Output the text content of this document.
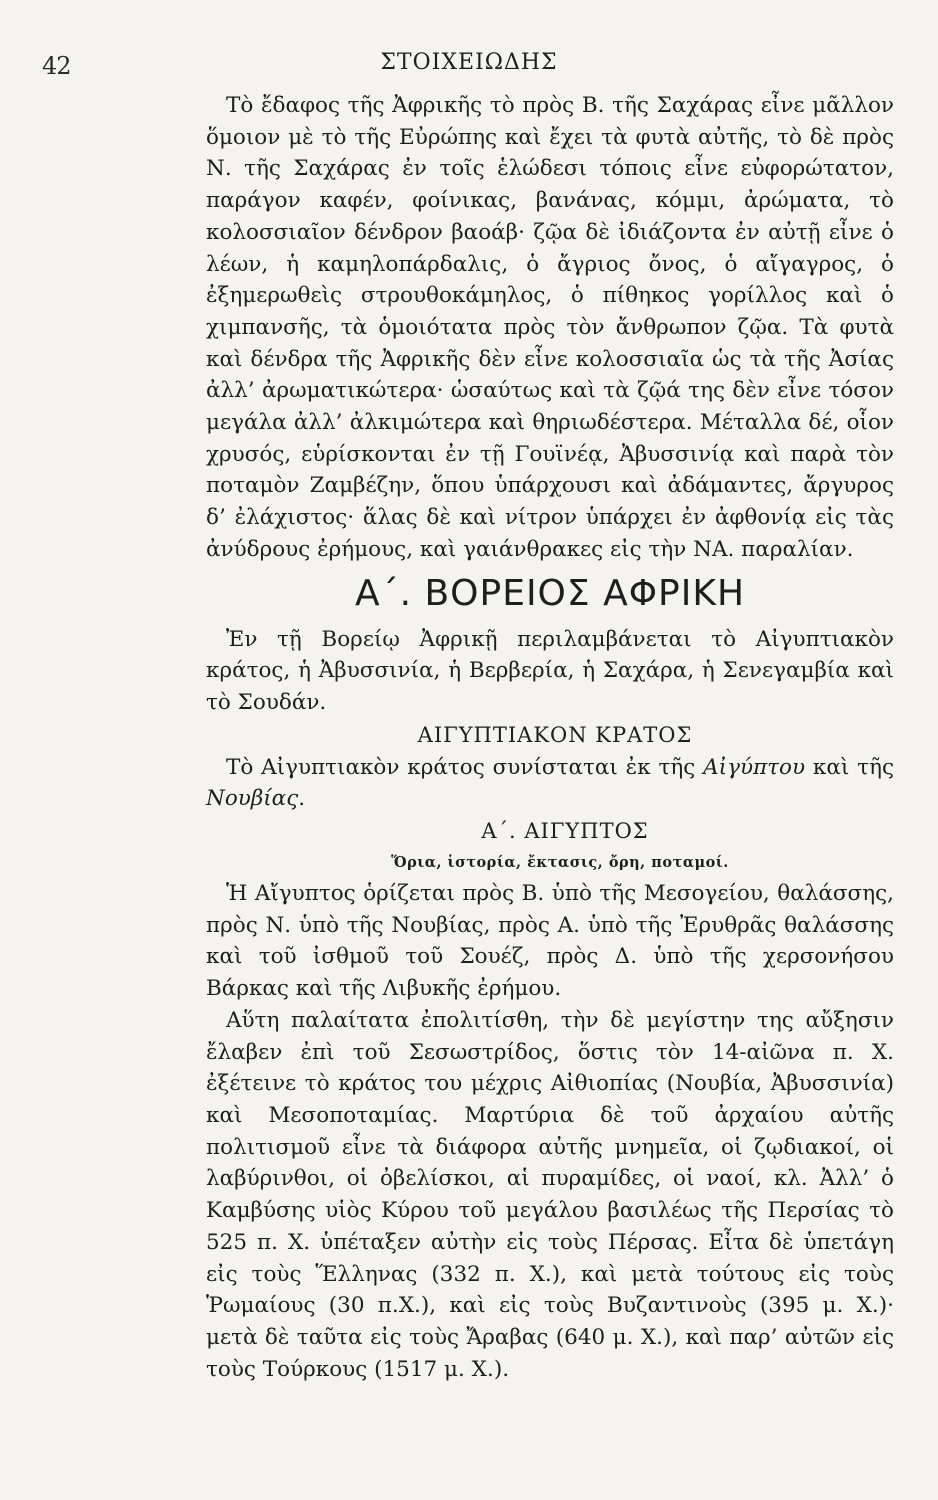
42	ΣΤΟΙΧΕΙΩΔΗΣ

Τὸ ἔδαφος τῆς Ἀφρικῆς τὸ πρὸς Β. τῆς Σαχάρας εἶνε μᾶλλον ὅμοιον μὲ τὸ τῆς Εὐρώπης καὶ ἔχει τὰ φυτὰ αὐτῆς, τὸ δὲ πρὸς Ν. τῆς Σαχάρας ἐν τοῖς ἑλώδεσι τόποις εἶνε εὐφορώτατον, παράγον καφέν, φοίνικας, βανάνας, κόμμι, ἀρώματα, τὸ κολοσσιαῖον δένδρον βαοάβ· ζῷα δὲ ἰδιάζοντα ἐν αὐτῇ εἶνε ὁ λέων, ἡ καμηλοπάρδαλις, ὁ ἄγριος ὄνος, ὁ αἴγαγρος, ὁ ἐξημερωθεὶς στρουθοκάμηλος, ὁ πίθηκος γορίλλος καὶ ὁ χιμπανσῆς, τὰ ὁμοιότατα πρὸς τὸν ἄνθρωπον ζῷα. Τὰ φυτὰ καὶ δένδρα τῆς Ἀφρικῆς δὲν εἶνε κολοσσιαῖα ὡς τὰ τῆς Ἀσίας ἀλλ’ ἀρωματικώτερα· ὡσαύτως καὶ τὰ ζῷά της δὲν εἶνε τόσον μεγάλα ἀλλ’ ἀλκιμώτερα καὶ θηριωδέστερα. Μέταλλα δέ, οἷον χρυσός, εὑρίσκονται ἐν τῇ Γουϊνέᾳ, Ἀβυσσινίᾳ καὶ παρὰ τὸν ποταμὸν Ζαμβέζην, ὅπου ὑπάρχουσι καὶ ἀδάμαντες, ἄργυρος δ’ ἐλάχιστος· ἅλας δὲ καὶ νίτρον ὑπάρχει ἐν ἀφθονίᾳ εἰς τὰς ἀνύδρους ἐρήμους, καὶ γαιάνθρακες εἰς τὴν ΝΑ. παραλίαν.

Α΄. ΒΟΡΕΙΟΣ ΑΦΡΙΚΗ

Ἐν τῇ Βορείῳ Ἀφρικῇ περιλαμβάνεται τὸ Αἰγυπτιακὸν κράτος, ἡ Ἀβυσσινία, ἡ Βερβερία, ἡ Σαχάρα, ἡ Σενεγαμβία καὶ τὸ Σουδάν.

ΑΙΓΥΠΤΙΑΚΟΝ ΚΡΑΤΟΣ

Τὸ Αἰγυπτιακὸν κράτος συνίσταται ἐκ τῆς Αἰγύπτου καὶ τῆς Νουβίας.

Α΄. ΑΙΓΥΠΤΟΣ
Ὅρια, ἱστορία, ἔκτασις, ὄρη, ποταμοί.

Ἡ Αἴγυπτος ὁρίζεται πρὸς Β. ὑπὸ τῆς Μεσογείου, θαλάσσης, πρὸς Ν. ὑπὸ τῆς Νουβίας, πρὸς Α. ὑπὸ τῆς Ἐρυθρᾶς θαλάσσης καὶ τοῦ ἰσθμοῦ τοῦ Σουέζ, πρὸς Δ. ὑπὸ τῆς χερσονήσου Βάρκας καὶ τῆς Λιβυκῆς ἐρήμου.

Αὕτη παλαίτατα ἐπολιτίσθη, τὴν δὲ μεγίστην της αὔξησιν ἔλαβεν ἐπὶ τοῦ Σεσωστρίδος, ὅστις τὸν 14-αἰῶνα π. Χ. ἐξέτεινε τὸ κράτος του μέχρις Αἰθιοπίας (Νουβία, Ἀβυσσινία) καὶ Μεσοποταμίας. Μαρτύρια δὲ τοῦ ἀρχαίου αὐτῆς πολιτισμοῦ εἶνε τὰ διάφορα αὐτῆς μνημεῖα, οἱ ζῳδιακοί, οἱ λαβύρινθοι, οἱ ὀβελίσκοι, αἱ πυραμίδες, οἱ ναοί, κλ. Ἀλλ’ ὁ Καμβύσης υἱὸς Κύρου τοῦ μεγάλου βασιλέως τῆς Περσίας τὸ 525 π. Χ. ὑπέταξεν αὐτὴν εἰς τοὺς Πέρσας. Εἶτα δὲ ὑπετάγη εἰς τοὺς Ἕλληνας (332 π. Χ.), καὶ μετὰ τούτους εἰς τοὺς Ῥωμαίους (30 π.Χ.), καὶ εἰς τοὺς Βυζαντινοὺς (395 μ. Χ.)· μετὰ δὲ ταῦτα εἰς τοὺς Ἄραβας (640 μ. Χ.), καὶ παρ’ αὐτῶν εἰς τοὺς Τούρκους (1517 μ. Χ.).
